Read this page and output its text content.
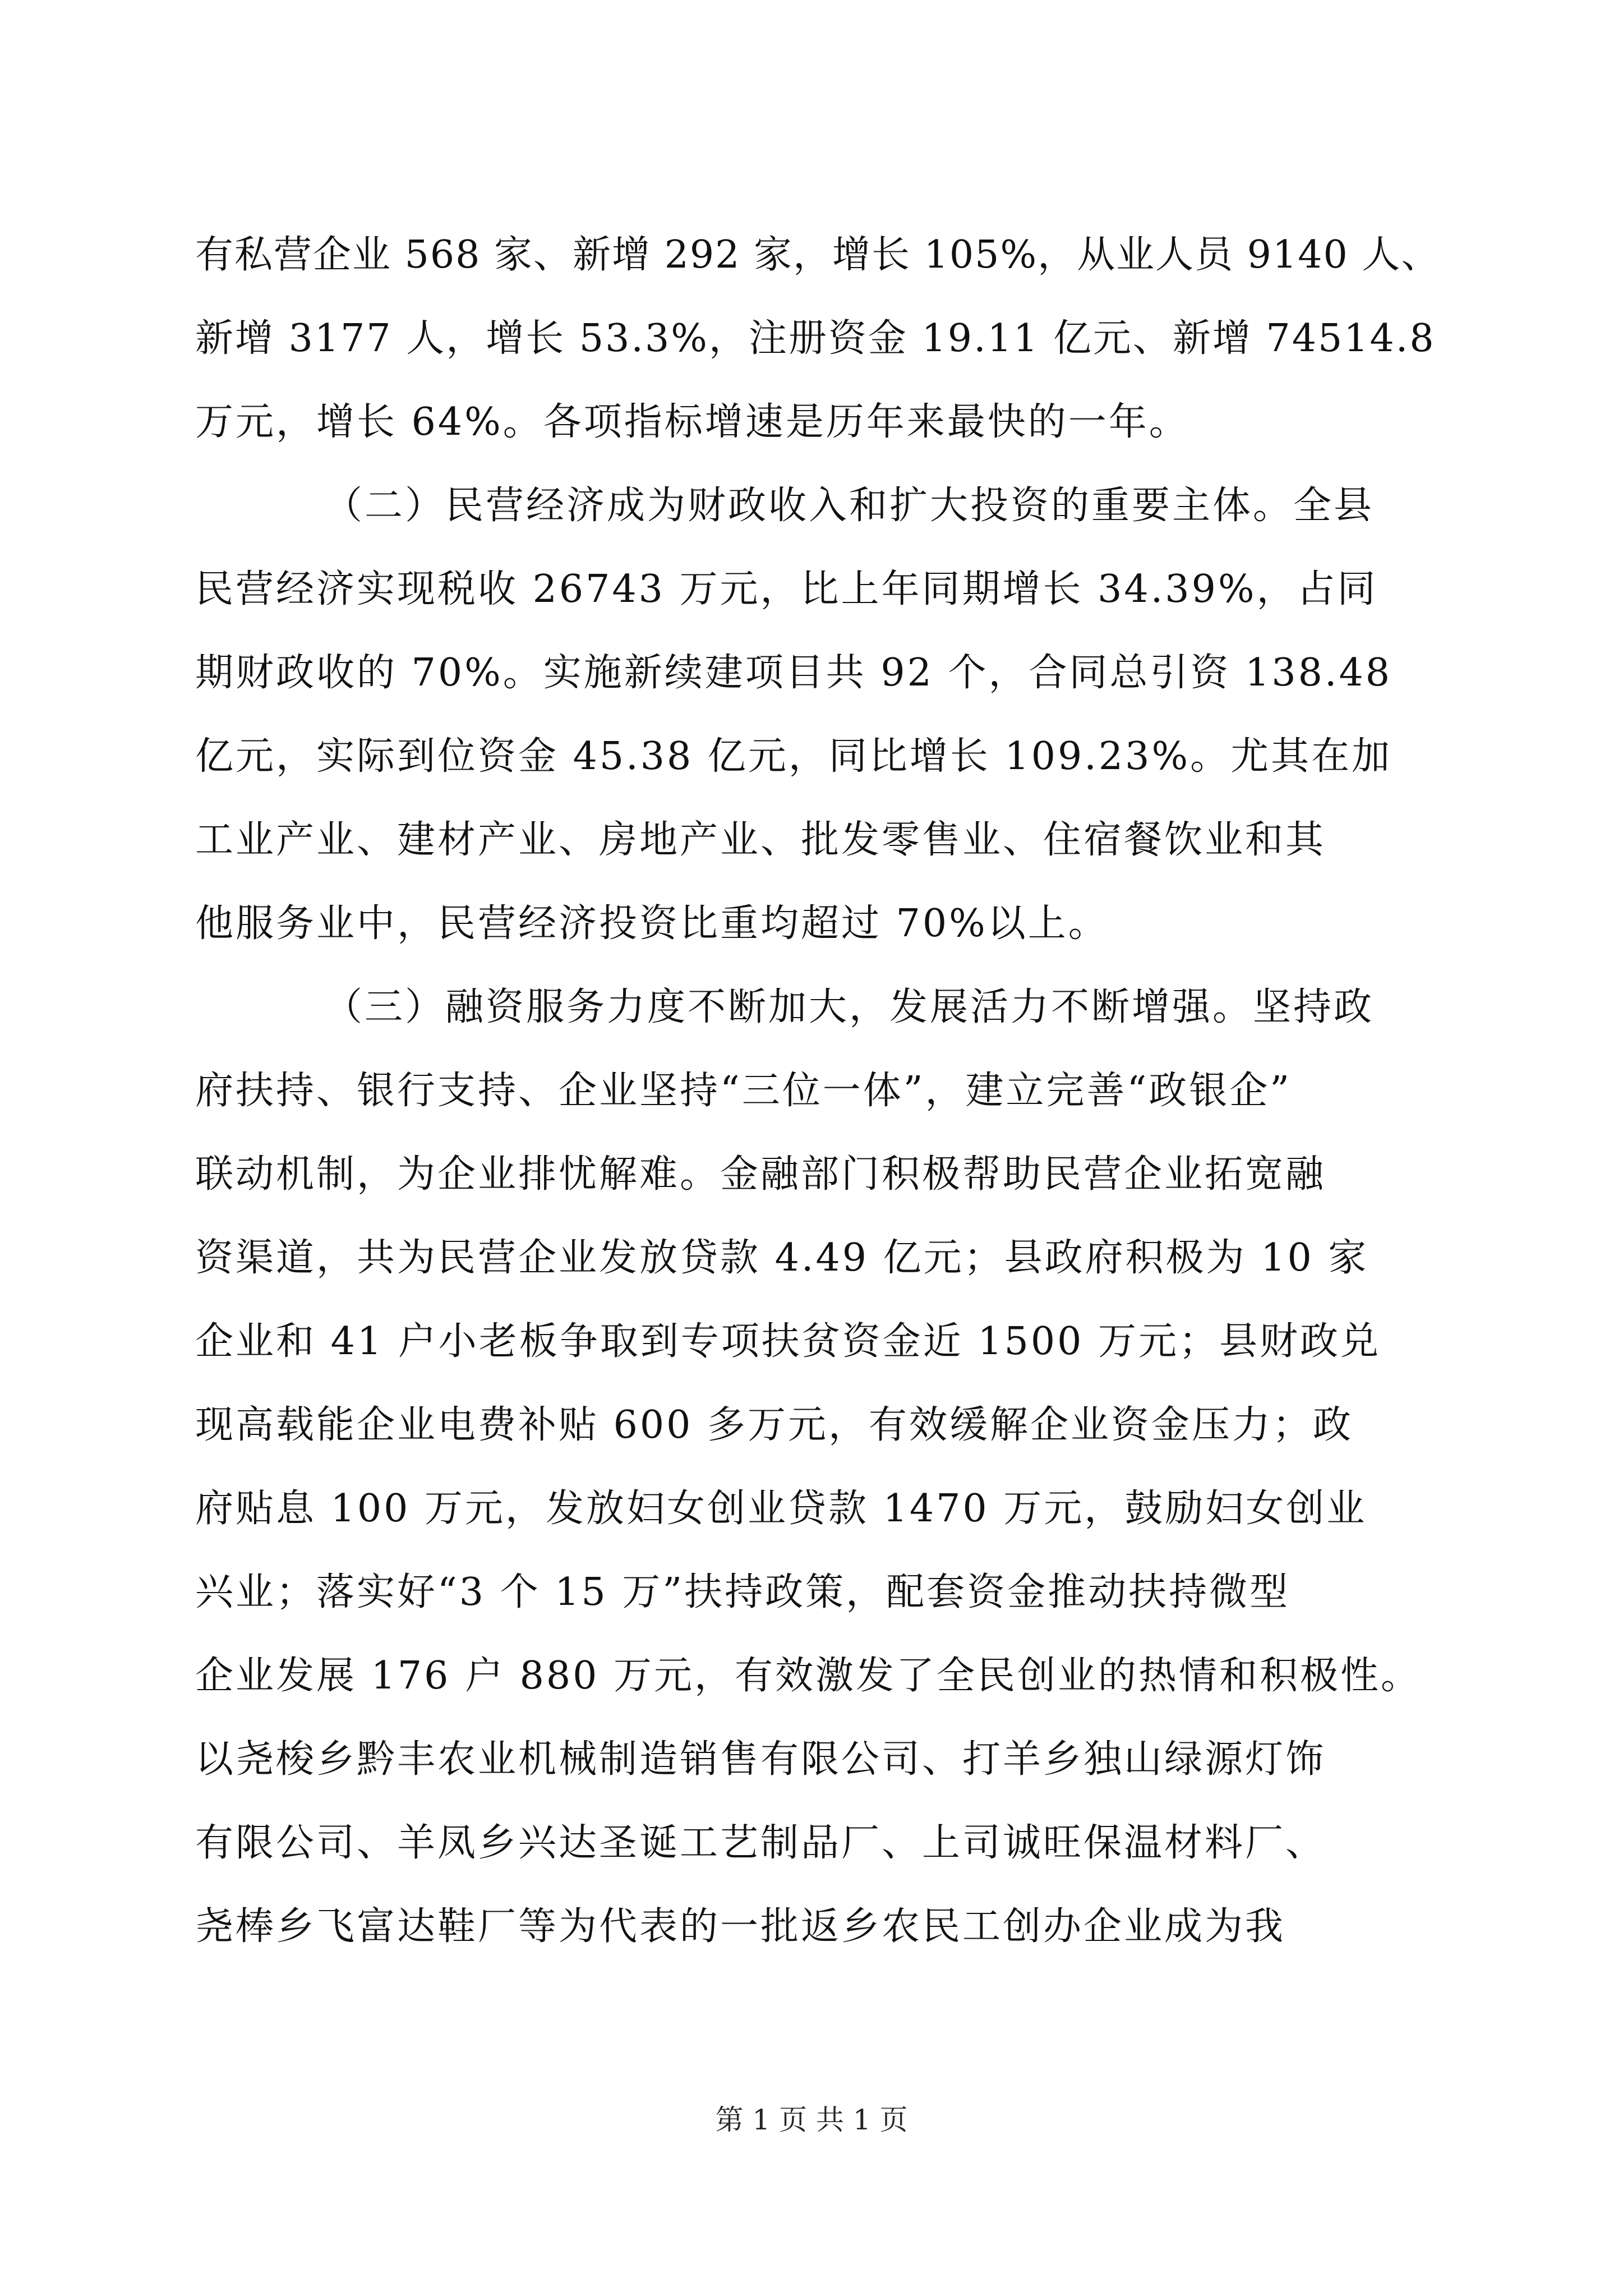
有私营企业 568 家、新增 292 家，增长 105%，从业人员 9140 人、
新增 3177 人，增长 53.3%，注册资金 19.11 亿元、新增 74514.8
万元，增长 64%。各项指标增速是历年来最快的一年。
（二）民营经济成为财政收入和扩大投资的重要主体。全县
民营经济实现税收 26743 万元，比上年同期增长 34.39%，占同
期财政收的 70%。实施新续建项目共 92 个，合同总引资 138.48
亿元，实际到位资金 45.38 亿元，同比增长 109.23%。尤其在加
工业产业、建材产业、房地产业、批发零售业、住宿餐饮业和其
他服务业中，民营经济投资比重均超过 70%以上。
（三）融资服务力度不断加大，发展活力不断增强。坚持政
府扶持、银行支持、企业坚持“三位一体”，建立完善“政银企”
联动机制，为企业排忧解难。金融部门积极帮助民营企业拓宽融
资渠道，共为民营企业发放贷款 4.49 亿元；县政府积极为 10 家
企业和 41 户小老板争取到专项扶贫资金近 1500 万元；县财政兑
现高载能企业电费补贴 600 多万元，有效缓解企业资金压力；政
府贴息 100 万元，发放妇女创业贷款 1470 万元，鼓励妇女创业
兴业；落实好“3 个 15 万”扶持政策，配套资金推动扶持微型
企业发展 176 户 880 万元，有效激发了全民创业的热情和积极性。
以尧梭乡黔丰农业机械制造销售有限公司、打羊乡独山绿源灯饰
有限公司、羊凤乡兴达圣诞工艺制品厂、上司诚旺保温材料厂、
尧棒乡飞富达鞋厂等为代表的一批返乡农民工创办企业成为我
第 1 页 共 1 页
